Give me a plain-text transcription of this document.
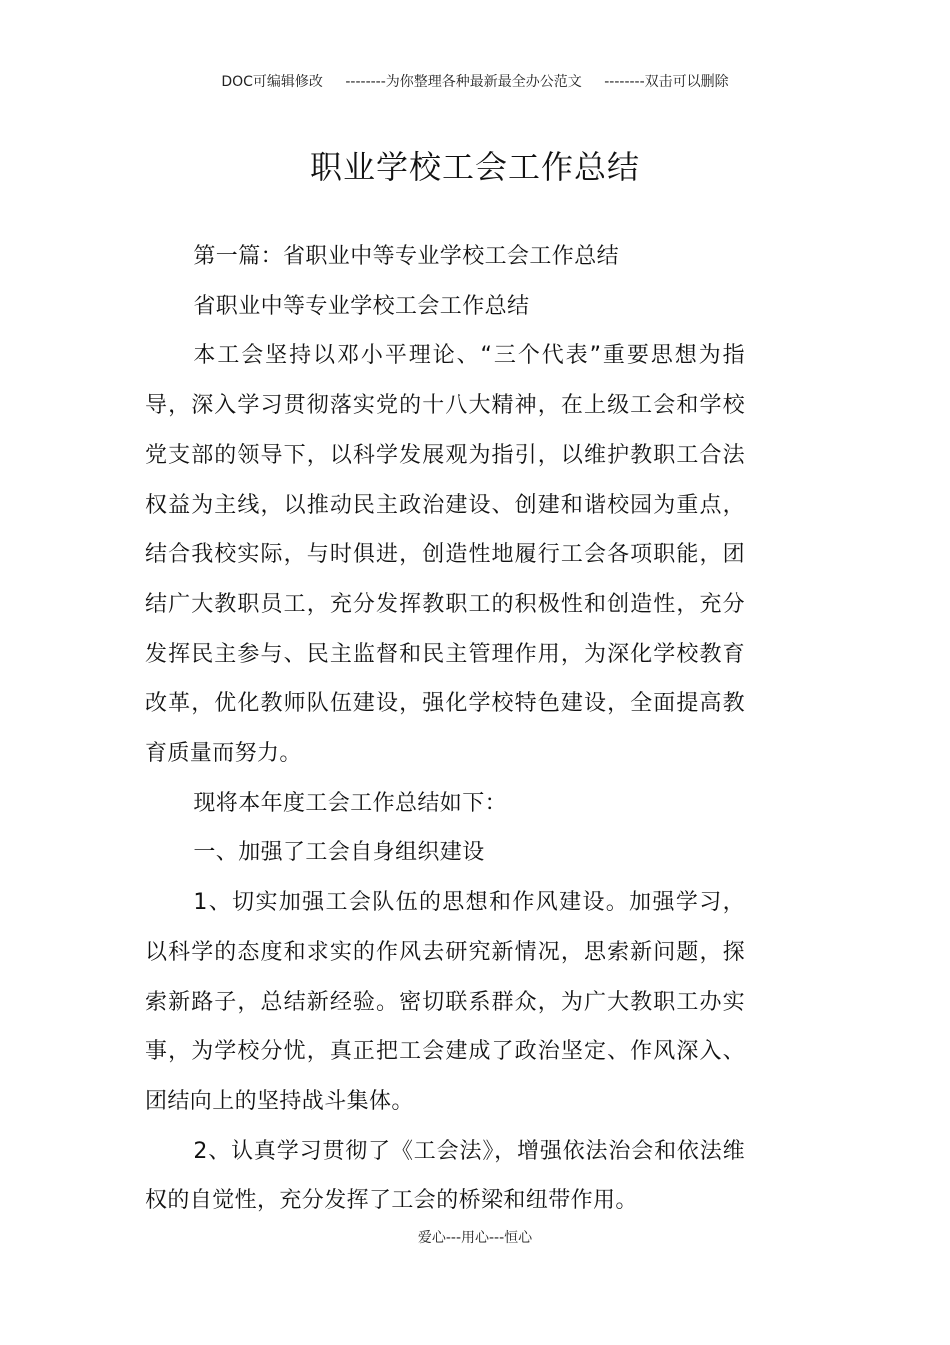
DOC可编辑修改 --------为你整理各种最新最全办公范文 --------双击可以删除
职业学校工会工作总结

第一篇：省职业中等专业学校工会工作总结

省职业中等专业学校工会工作总结

本工会坚持以邓小平理论、“三个代表”重要思想为指导，深入学习贯彻落实党的十八大精神，在上级工会和学校党支部的领导下，以科学发展观为指引，以维护教职工合法权益为主线，以推动民主政治建设、创建和谐校园为重点，结合我校实际，与时俱进，创造性地履行工会各项职能，团结广大教职员工，充分发挥教职工的积极性和创造性，充分发挥民主参与、民主监督和民主管理作用，为深化学校教育改革，优化教师队伍建设，强化学校特色建设，全面提高教育质量而努力。

现将本年度工会工作总结如下：

一、加强了工会自身组织建设

1、切实加强工会队伍的思想和作风建设。加强学习，以科学的态度和求实的作风去研究新情况，思索新问题，探索新路子，总结新经验。密切联系群众，为广大教职工办实事，为学校分忧，真正把工会建成了政治坚定、作风深入、团结向上的坚持战斗集体。

2、认真学习贯彻了《工会法》，增强依法治会和依法维权的自觉性，充分发挥了工会的桥梁和纽带作用。

爱心---用心---恒心
